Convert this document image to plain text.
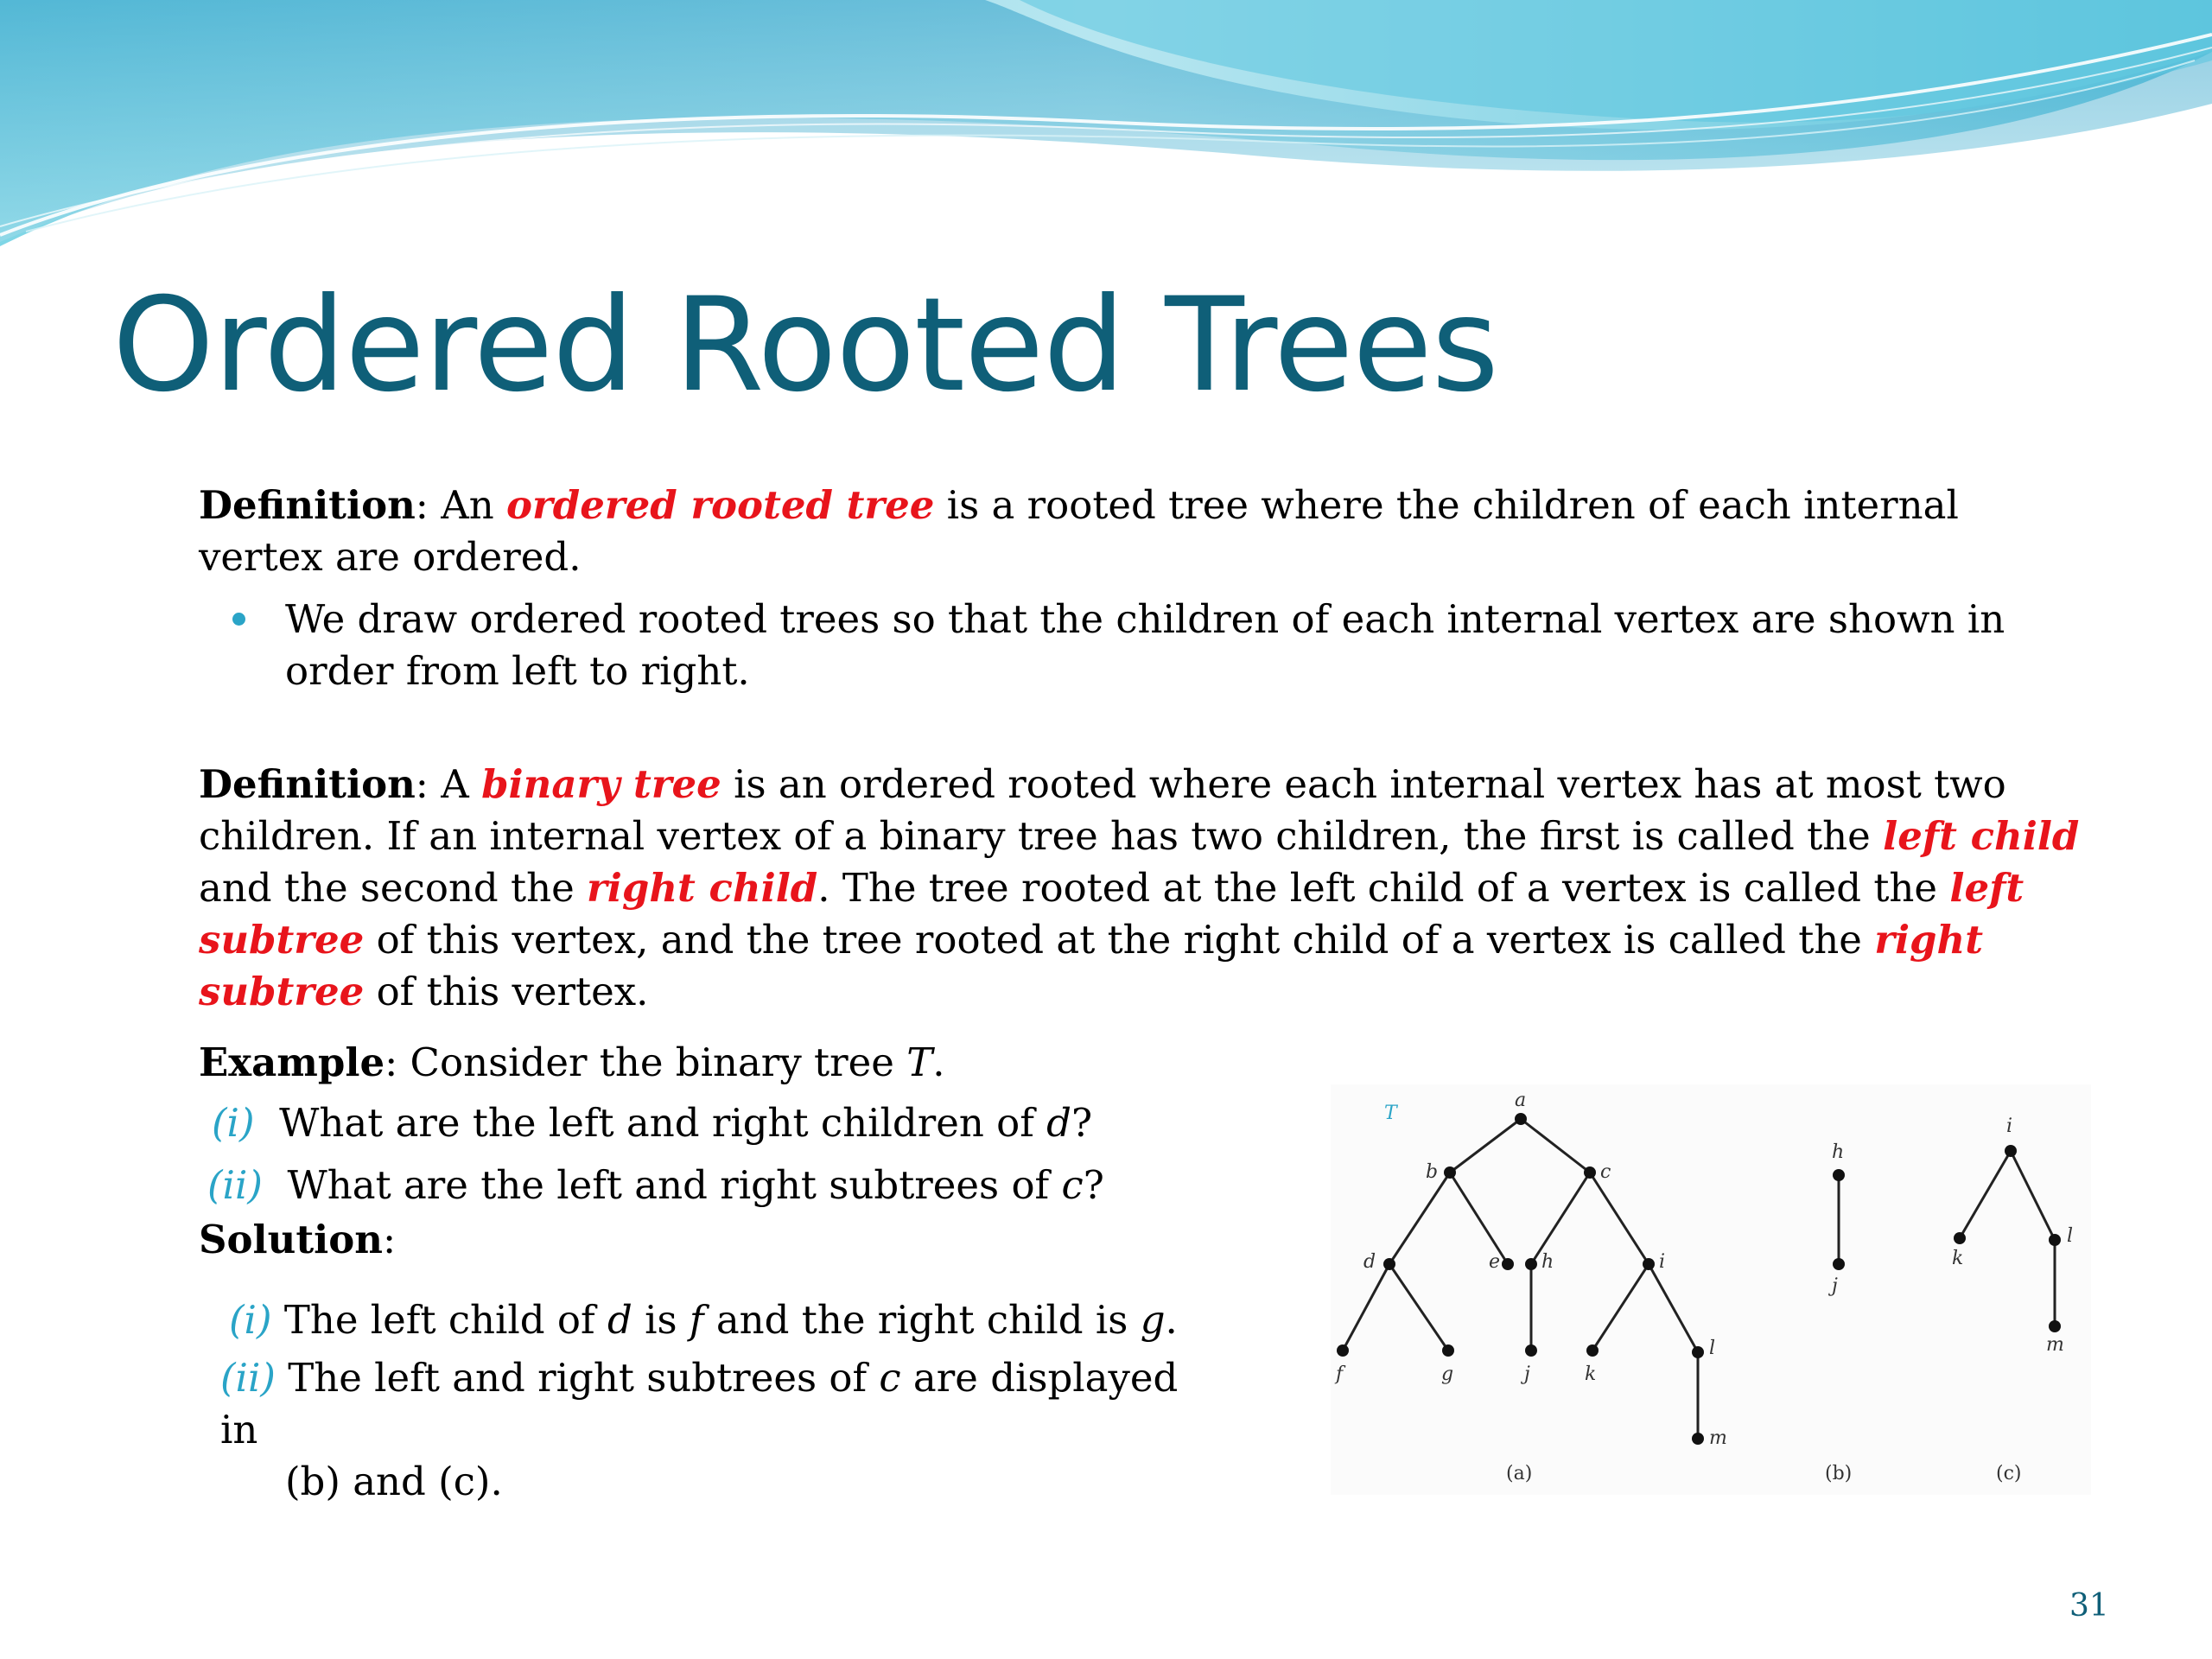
Ordered Rooted Trees

Definition: An ordered rooted tree is a rooted tree where the children of each internal vertex are ordered.

We draw ordered rooted trees so that the children of each internal vertex are shown in order from left to right.

Definition: A binary tree is an ordered rooted where each internal vertex has at most two children. If an internal vertex of a binary tree has two children, the first is called the left child and the second the right child. The tree rooted at the left child of a vertex is called the left subtree of this vertex, and the tree rooted at the right child of a vertex is called the right subtree of this vertex.

Example: Consider the binary tree T.

(i) What are the left and right children of d?

(ii) What are the left and right subtrees of c?

Solution:

(i) The left child of d is f and the right child is g.

(ii) The left and right subtrees of c are displayed in
(b) and (c).

T
a
b	c
d	e h	i
f	g	j	k
l
m
h
j
i
k
l
m
(a)	(b)	(c)

31
